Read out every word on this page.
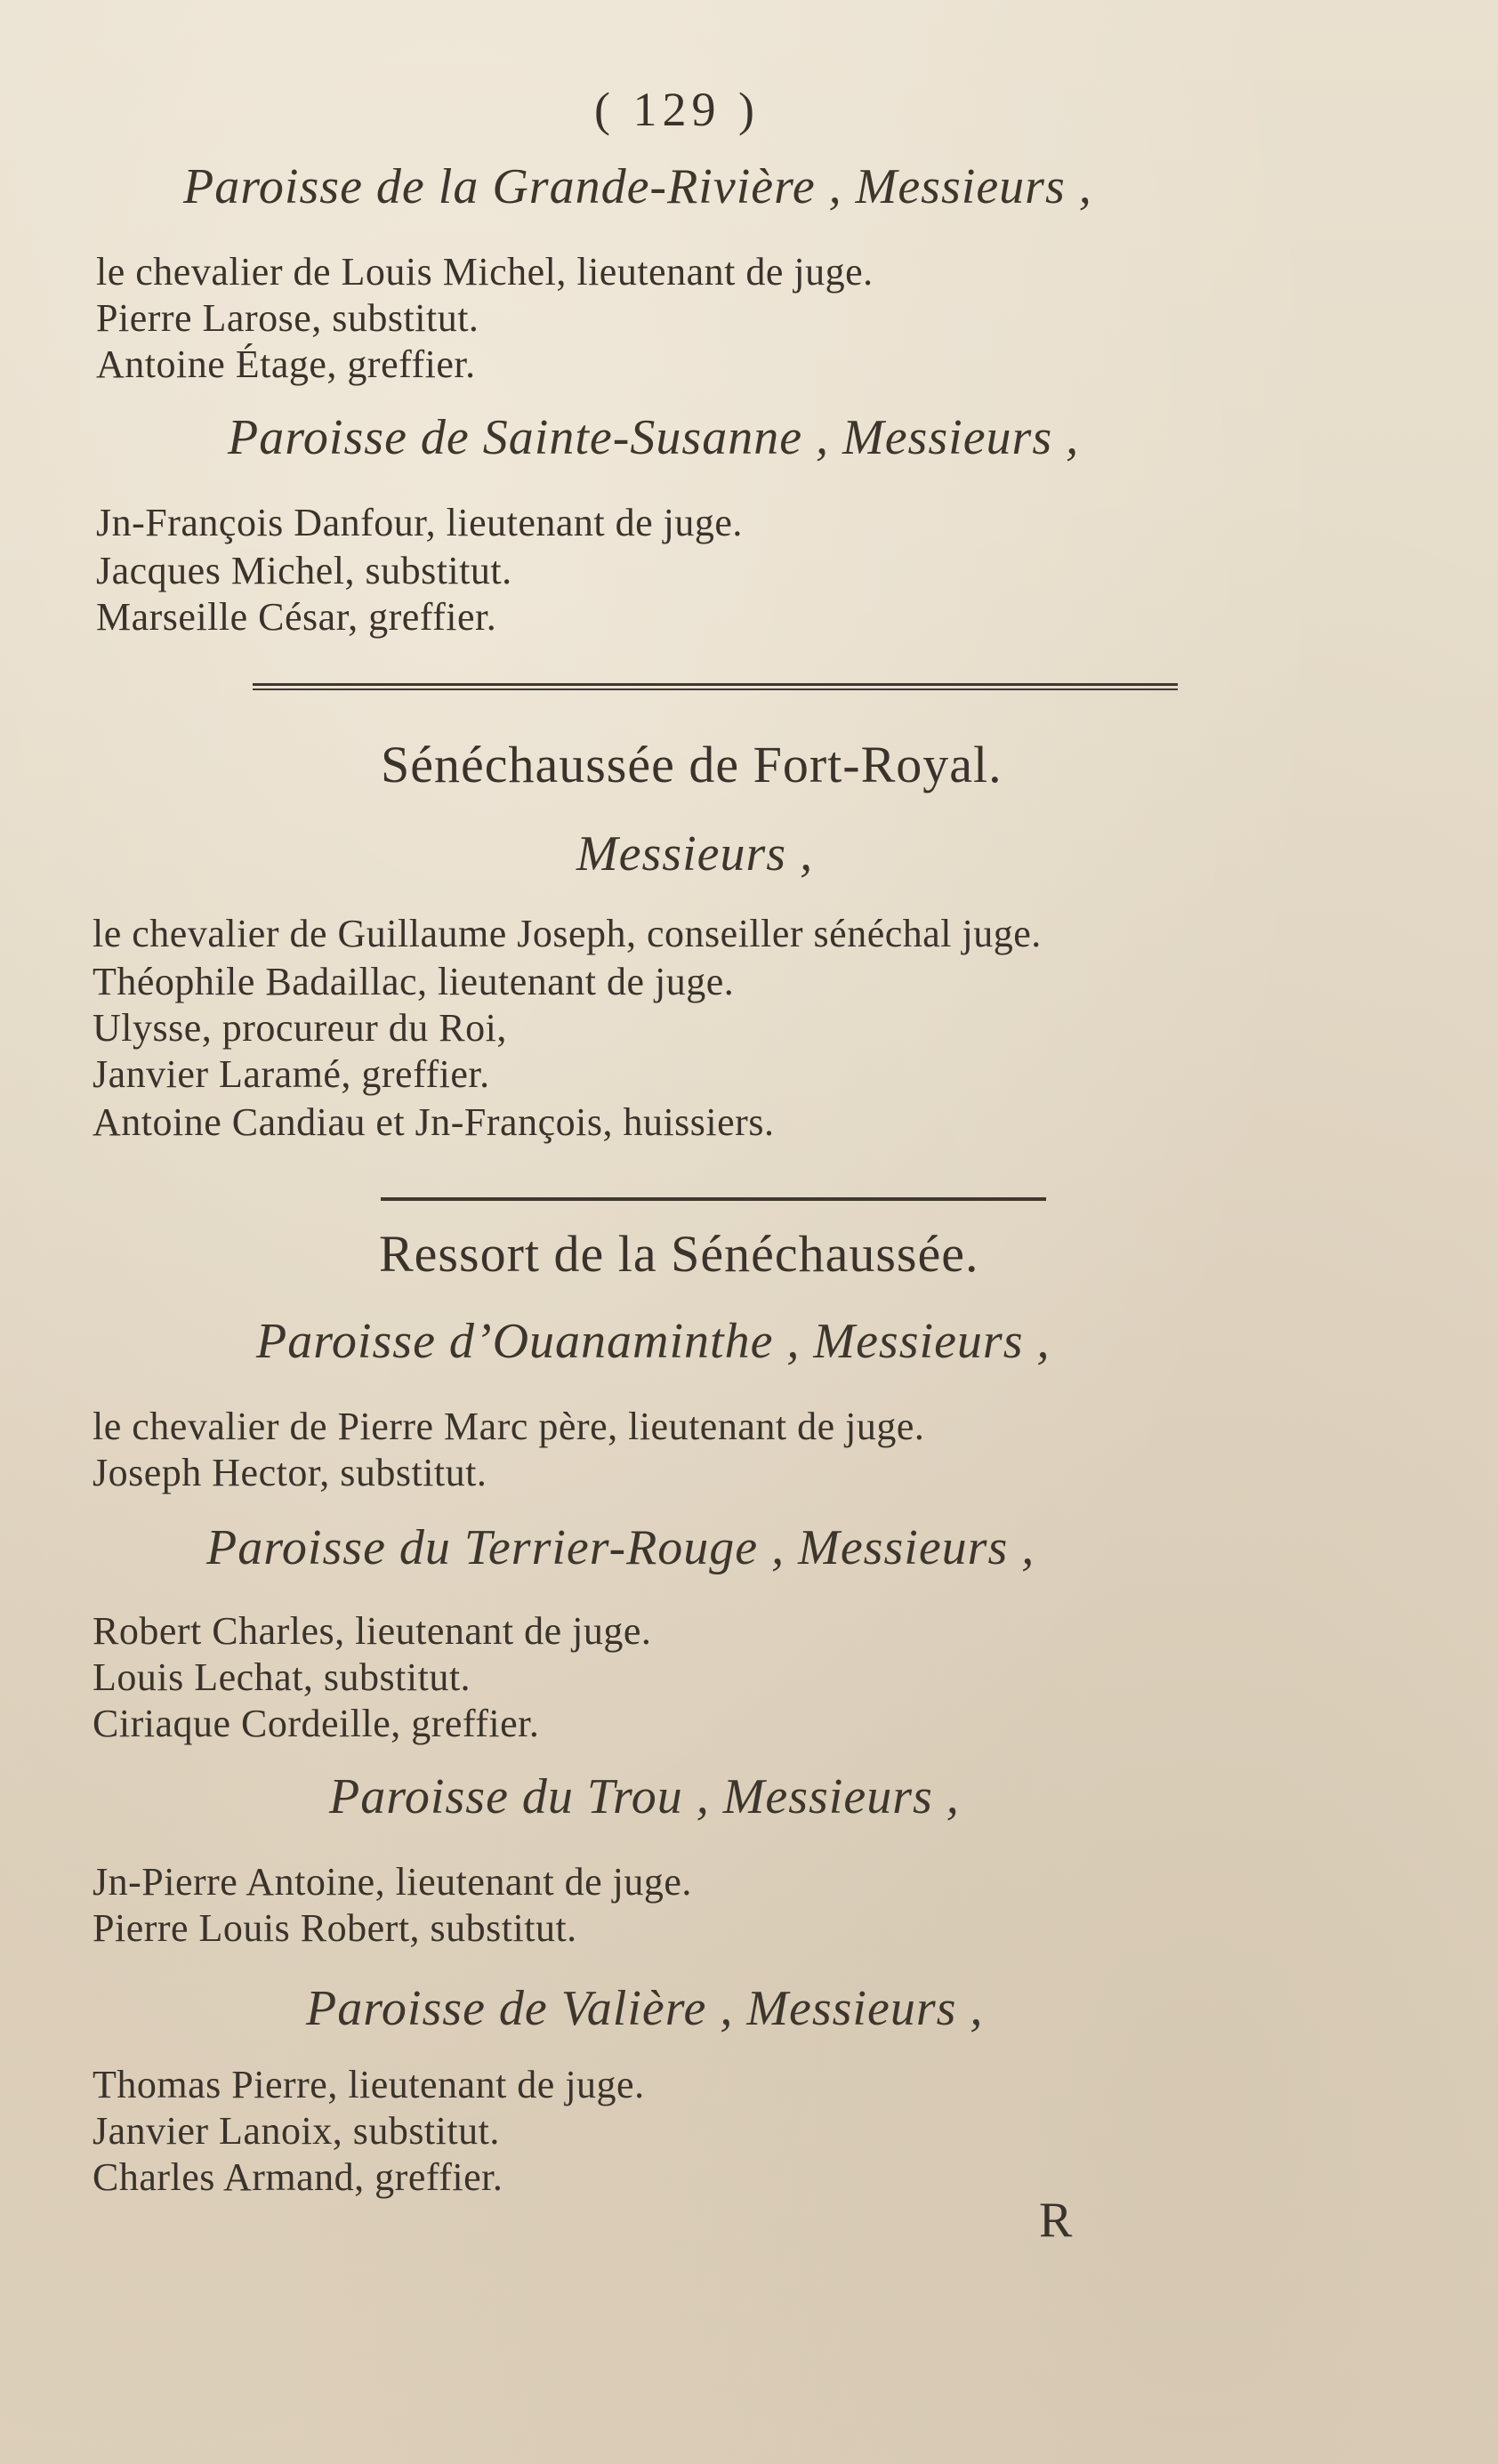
( 129 )
Paroisse de la Grande-Rivière , Messieurs ,
le chevalier de Louis Michel, lieutenant de juge.
Pierre Larose, substitut.
Antoine Étage, greffier.
Paroisse de Sainte-Susanne , Messieurs ,
Jn-François Danfour, lieutenant de juge.
Jacques Michel, substitut.
Marseille César, greffier.
Sénéchaussée de Fort-Royal.
Messieurs ,
le chevalier de Guillaume Joseph, conseiller sénéchal juge.
Théophile Badaillac, lieutenant de juge.
Ulysse, procureur du Roi,
Janvier Laramé, greffier.
Antoine Candiau et Jn-François, huissiers.
Ressort de la Sénéchaussée.
Paroisse d’Ouanaminthe , Messieurs ,
le chevalier de Pierre Marc père, lieutenant de juge.
Joseph Hector, substitut.
Paroisse du Terrier-Rouge , Messieurs ,
Robert Charles, lieutenant de juge.
Louis Lechat, substitut.
Ciriaque Cordeille, greffier.
Paroisse du Trou , Messieurs ,
Jn-Pierre Antoine, lieutenant de juge.
Pierre Louis Robert, substitut.
Paroisse de Valière , Messieurs ,
Thomas Pierre, lieutenant de juge.
Janvier Lanoix, substitut.
Charles Armand, greffier.
R
